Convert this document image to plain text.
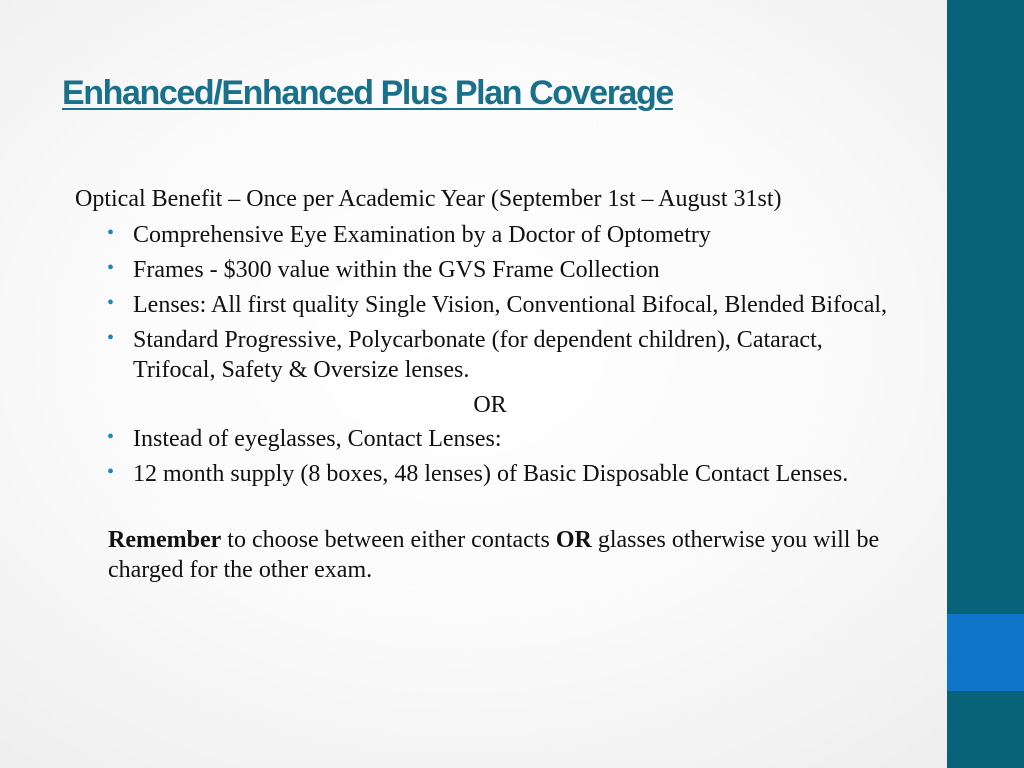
Enhanced/Enhanced Plus Plan Coverage

Optical Benefit – Once per Academic Year (September 1st – August 31st)

• Comprehensive Eye Examination by a Doctor of Optometry
• Frames - $300 value within the GVS Frame Collection
• Lenses: All first quality Single Vision, Conventional Bifocal, Blended Bifocal,
• Standard Progressive, Polycarbonate (for dependent children), Cataract, Trifocal, Safety & Oversize lenses.
OR
• Instead of eyeglasses, Contact Lenses:
• 12 month supply (8 boxes, 48 lenses) of Basic Disposable Contact Lenses.

Remember to choose between either contacts OR glasses otherwise you will be charged for the other exam.
